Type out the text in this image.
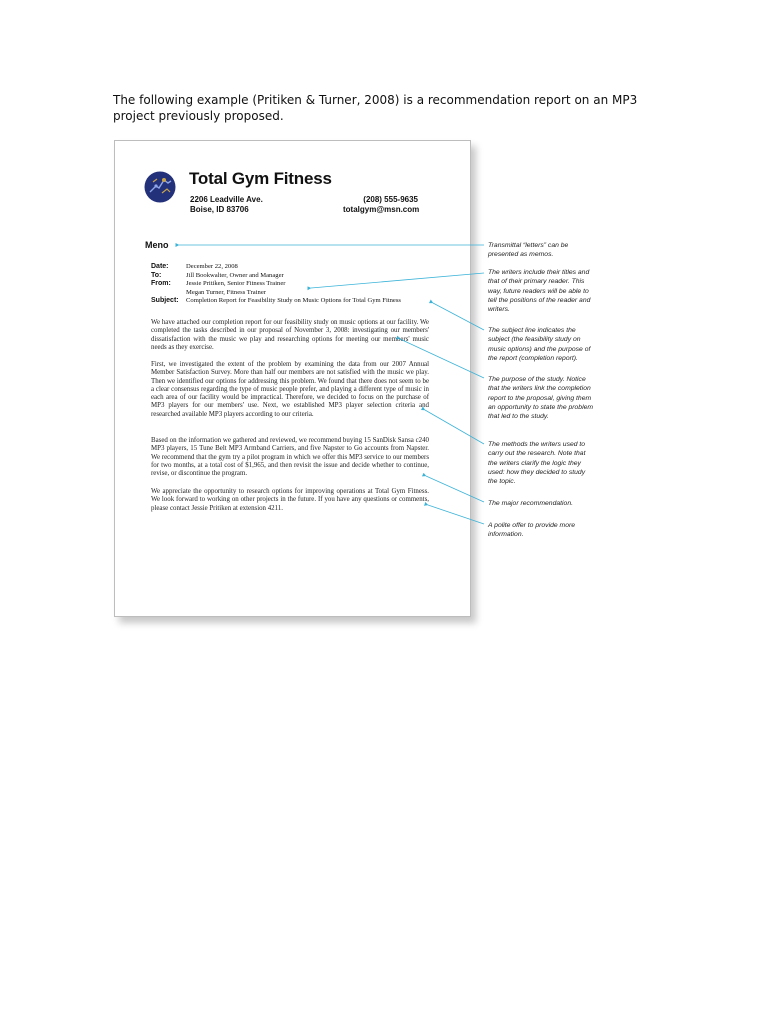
The following example (Pritiken & Turner, 2008) is a recommendation report on an MP3 project previously proposed.
Total Gym Fitness
2206 Leadville Ave.
Boise, ID 83706
(208) 555-9635
totalgym@msn.com
Meno
Date:	December 22, 2008
To:	Jill Bookwalter, Owner and Manager
From: Jessie Pritiken, Senior Fitness Trainer
Megan Turner, Fitness Trainer
Subject: Completion Report for Feasibility Study on Music Options for Total Gym Fitness
We have attached our completion report for our feasibility study on music options at our facility. We completed the tasks described in our proposal of November 3, 2008: investigating our members' dissatisfaction with the music we play and researching options for meeting our members' music needs as they exercise.
First, we investigated the extent of the problem by examining the data from our 2007 Annual Member Satisfaction Survey. More than half our members are not satisfied with the music we play. Then we identified our options for addressing this problem. We found that there does not seem to be a clear consensus regarding the type of music people prefer, and playing a different type of music in each area of our facility would be impractical. Therefore, we decided to focus on the purchase of MP3 players for our members' use. Next, we established MP3 player selection criteria and researched available MP3 players according to our criteria.
Based on the information we gathered and reviewed, we recommend buying 15 SanDisk Sansa c240 MP3 players, 15 Tune Belt MP3 Armband Carriers, and five Napster to Go accounts from Napster. We recommend that the gym try a pilot program in which we offer this MP3 service to our members for two months, at a total cost of $1,965, and then revisit the issue and decide whether to continue, revise, or discontinue the program.
We appreciate the opportunity to research options for improving operations at Total Gym Fitness. We look forward to working on other projects in the future. If you have any questions or comments, please contact Jessie Pritiken at extension 4211.
Transmittal “letters” can be presented as memos.
The writers include their titles and that of their primary reader. This way, future readers will be able to tell the positions of the reader and writers.
The subject line indicates the subject (the feasibility study on music options) and the purpose of the report (completion report).
The purpose of the study. Notice that the writers link the completion report to the proposal, giving them an opportunity to state the problem that led to the study.
The methods the writers used to carry out the research. Note that the writers clarify the logic they used: how they decided to study the topic.
The major recommendation.
A polite offer to provide more information.
